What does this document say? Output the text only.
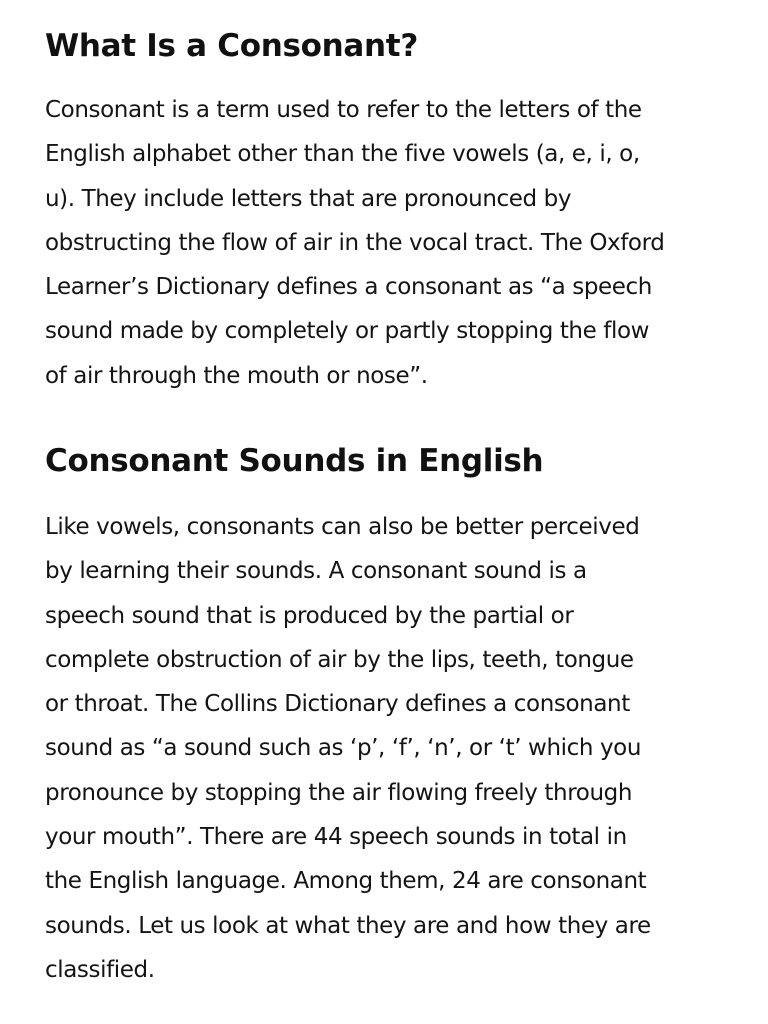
What Is a Consonant?

Consonant is a term used to refer to the letters of the
English alphabet other than the five vowels (a, e, i, o,
u). They include letters that are pronounced by
obstructing the flow of air in the vocal tract. The Oxford
Learner’s Dictionary defines a consonant as “a speech
sound made by completely or partly stopping the flow
of air through the mouth or nose”.

Consonant Sounds in English

Like vowels, consonants can also be better perceived
by learning their sounds. A consonant sound is a
speech sound that is produced by the partial or
complete obstruction of air by the lips, teeth, tongue
or throat. The Collins Dictionary defines a consonant
sound as “a sound such as ‘p’, ‘f’, ‘n’, or ‘t’ which you
pronounce by stopping the air flowing freely through
your mouth”. There are 44 speech sounds in total in
the English language. Among them, 24 are consonant
sounds. Let us look at what they are and how they are
classified.
